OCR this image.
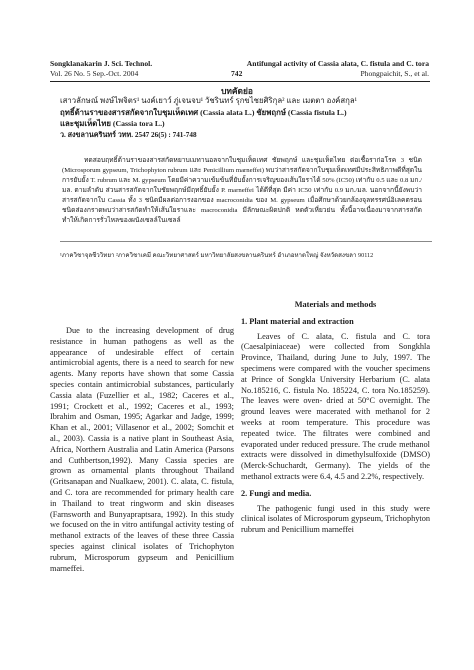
Songklanakarin J. Sci. Technol.
Vol. 26 No. 5 Sep.-Oct. 2004	742
Antifungal activity of Cassia alata, C. fistula and C. tora
Phongpaichit, S., et al.
บทคัดย่อ
เสาวลักษณ์ พงษ์ไพจิตร¹ นงค์เยาว์ ภู่เจนจบ¹ วัชรินทร์ รุกขไชยศิริกุล² และ เมตตา องค์สกุล¹
ฤทธิ์ต้านราของสารสกัดจากใบชุมเห็ดเทศ (Cassia alata L.) ชัยพฤกษ์ (Cassia fistula L.)
และชุมเห็ดไทย (Cassia tora L.)
ว. สงขลานครินทร์ วทท. 2547 26(5) : 741-748
ทดสอบฤทธิ์ต้านราของสารสกัดหยาบเมทานอลจากใบชุมเห็ดเทศ ชัยพฤกษ์ และชุมเห็ดไทย ต่อเชื้อราก่อโรค 3 ชนิด (Microsporum gypseum, Trichophyton rubrum และ Penicillium marneffei) พบว่าสารสกัดจากใบชุมเห็ดเทศมีประสิทธิภาพดีที่สุดในการยับยั้ง T. rubrum และ M. gypseum โดยมีค่าความเข้มข้นที่ยับยั้งการเจริญของเส้นใยราได้ 50% (IC50) เท่ากับ 0.5 และ 0.8 มก./มล. ตามลำดับ ส่วนสารสกัดจากใบชัยพฤกษ์มีฤทธิ์ยับยั้ง P. marneffei ได้ดีที่สุด มีค่า IC50 เท่ากับ 0.9 มก./มล. นอกจากนี้ยังพบว่าสารสกัดจากใบ Cassia ทั้ง 3 ชนิดมีผลต่อการงอกของ macroconidia ของ M. gypseum เมื่อศึกษาด้วยกล้องจุลทรรศน์อิเลคตรอนชนิดส่องกราดพบว่าสารสกัดทำให้เส้นใยราและ macroconidia มีลักษณะผิดปกติ หดตัวเหี่ยวย่น ทั้งนี้อาจเนื่องมาจากสารสกัดทำให้เกิดการรั่วไหลของผนังเซลล์ในเซลล์
¹ภาควิชาจุลชีววิทยา ²ภาควิชาเคมี คณะวิทยาศาสตร์ มหาวิทยาลัยสงขลานครินทร์ อำเภอหาดใหญ่ จังหวัดสงขลา 90112
Due to the increasing development of drug resistance in human pathogens as well as the appearance of undesirable effect of certain antimicrobial agents, there is a need to search for new agents. Many reports have shown that some Cassia species contain antimicrobial substances, particularly Cassia alata (Fuzellier et al., 1982; Caceres et al., 1991; Crockett et al., 1992; Caceres et al., 1993; Ibrahim and Osman, 1995; Agarkar and Jadge, 1999; Khan et al., 2001; Villasenor et al., 2002; Somchit et al., 2003). Cassia is a native plant in Southeast Asia, Africa, Northern Australia and Latin America (Parsons and Cuthbertson,1992). Many Cassia species are grown as ornamental plants throughout Thailand (Gritsanapan and Nualkaew, 2001). C. alata, C. fistula, and C. tora are recommended for primary health care in Thailand to treat ringworm and skin diseases (Farnsworth and Bunyapraptsara, 1992). In this study we focused on the in vitro antifungal activity testing of methanol extracts of the leaves of these three Cassia species against clinical isolates of Trichophyton rubrum, Microsporum gypseum and Penicillium marneffei.
Materials and methods
1. Plant material and extraction
Leaves of C. alata, C. fistula and C. tora (Caesalpiniaceae) were collected from Songkhla Province, Thailand, during June to July, 1997. The specimens were compared with the voucher specimens at Prince of Songkla University Herbarium (C. alata No.185216, C. fistula No. 185224, C. tora No.185259). The leaves were oven- dried at 50°C overnight. The ground leaves were macerated with methanol for 2 weeks at room temperature. This procedure was repeated twice. The filtrates were combined and evaporated under reduced pressure. The crude methanol extracts were dissolved in dimethylsulfoxide (DMSO) (Merck-Schuchardt, Germany). The yields of the methanol extracts were 6.4, 4.5 and 2.2%, respectively.
2. Fungi and media.
The pathogenic fungi used in this study were clinical isolates of Microsporum gypseum, Trichophyton rubrum and Penicillium marneffei
